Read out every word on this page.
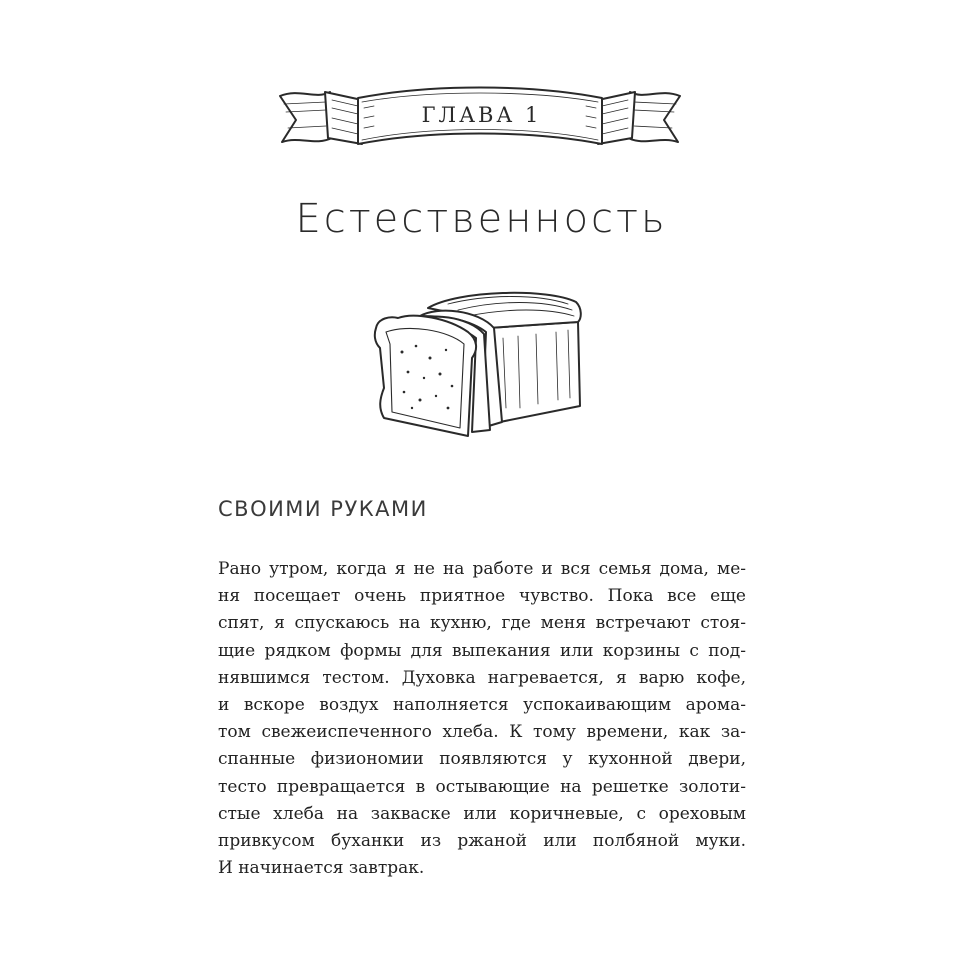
ГЛАВА 1
Естественность
СВОИМИ РУКАМИ
Рано утром, когда я не на работе и вся семья дома, ме-
ня посещает очень приятное чувство. Пока все еще
спят, я спускаюсь на кухню, где меня встречают стоя-
щие рядком формы для выпекания или корзины с под-
нявшимся тестом. Духовка нагревается, я варю кофе,
и вскоре воздух наполняется успокаивающим арома-
том свежеиспеченного хлеба. К тому времени, как за-
спанные физиономии появляются у кухонной двери,
тесто превращается в остывающие на решетке золоти-
стые хлеба на закваске или коричневые, с ореховым
привкусом буханки из ржаной или полбяной муки.
И начинается завтрак.
